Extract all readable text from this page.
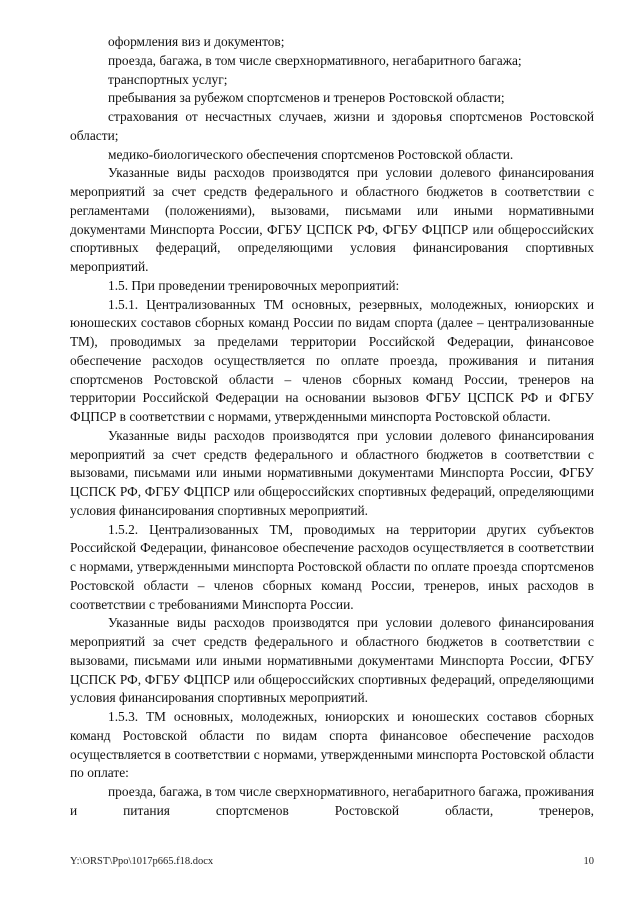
оформления виз и документов;

проезда, багажа, в том числе сверхнормативного, негабаритного багажа;

транспортных услуг;

пребывания за рубежом спортсменов и тренеров Ростовской области;

страхования от несчастных случаев, жизни и здоровья спортсменов Ростовской области;

медико-биологического обеспечения спортсменов Ростовской области.

Указанные виды расходов производятся при условии долевого финансирования мероприятий за счет средств федерального и областного бюджетов в соответствии с регламентами (положениями), вызовами, письмами или иными нормативными документами Минспорта России, ФГБУ ЦСПСК РФ, ФГБУ ФЦПСР или общероссийских спортивных федераций, определяющими условия финансирования спортивных мероприятий.

1.5. При проведении тренировочных мероприятий:

1.5.1. Централизованных ТМ основных, резервных, молодежных, юниорских и юношеских составов сборных команд России по видам спорта (далее – централизованные ТМ), проводимых за пределами территории Российской Федерации, финансовое обеспечение расходов осуществляется по оплате проезда, проживания и питания спортсменов Ростовской области – членов сборных команд России, тренеров на территории Российской Федерации на основании вызовов ФГБУ ЦСПСК РФ и ФГБУ ФЦПСР в соответствии с нормами, утвержденными минспорта Ростовской области.

Указанные виды расходов производятся при условии долевого финансирования мероприятий за счет средств федерального и областного бюджетов в соответствии с вызовами, письмами или иными нормативными документами Минспорта России, ФГБУ ЦСПСК РФ, ФГБУ ФЦПСР или общероссийских спортивных федераций, определяющими условия финансирования спортивных мероприятий.

1.5.2. Централизованных ТМ, проводимых на территории других субъектов Российской Федерации, финансовое обеспечение расходов осуществляется в соответствии с нормами, утвержденными минспорта Ростовской области по оплате проезда спортсменов Ростовской области – членов сборных команд России, тренеров, иных расходов в соответствии с требованиями Минспорта России.

Указанные виды расходов производятся при условии долевого финансирования мероприятий за счет средств федерального и областного бюджетов в соответствии с вызовами, письмами или иными нормативными документами Минспорта России, ФГБУ ЦСПСК РФ, ФГБУ ФЦПСР или общероссийских спортивных федераций, определяющими условия финансирования спортивных мероприятий.

1.5.3. ТМ основных, молодежных, юниорских и юношеских составов сборных команд Ростовской области по видам спорта финансовое обеспечение расходов осуществляется в соответствии с нормами, утвержденными минспорта Ростовской области по оплате:

проезда, багажа, в том числе сверхнормативного, негабаритного багажа, проживания и питания спортсменов Ростовской области, тренеров,

Y:\ORST\Ppo\1017p665.f18.docx	10
